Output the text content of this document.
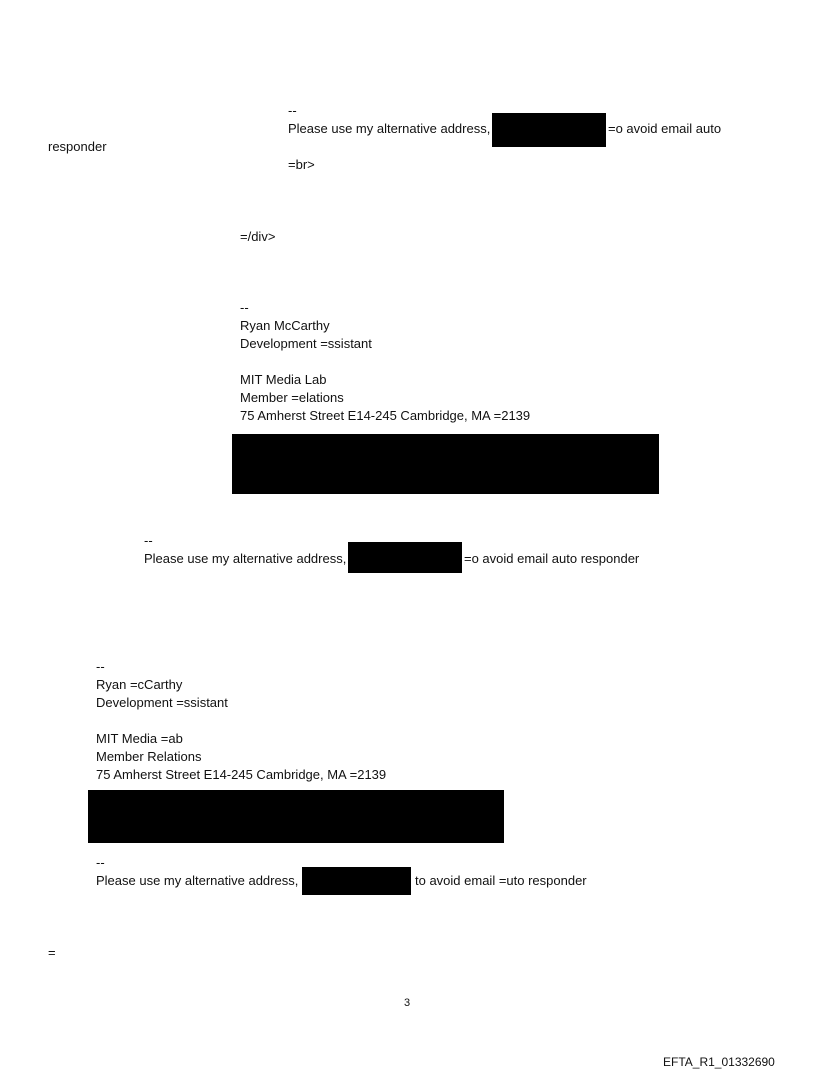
--
Please use my alternative address,	=o avoid email auto
responder
=br>
=/div>
--
Ryan McCarthy
Development =ssistant
MIT Media Lab
Member =elations
75 Amherst Street E14-245 Cambridge, MA =2139
--
Please use my alternative address,	=o avoid email auto responder
--
Ryan =cCarthy
Development =ssistant
MIT Media =ab
Member Relations
75 Amherst Street E14-245 Cambridge, MA =2139
--
Please use my alternative address,	to avoid email =uto responder
=
3
EFTA_R1_01332690
